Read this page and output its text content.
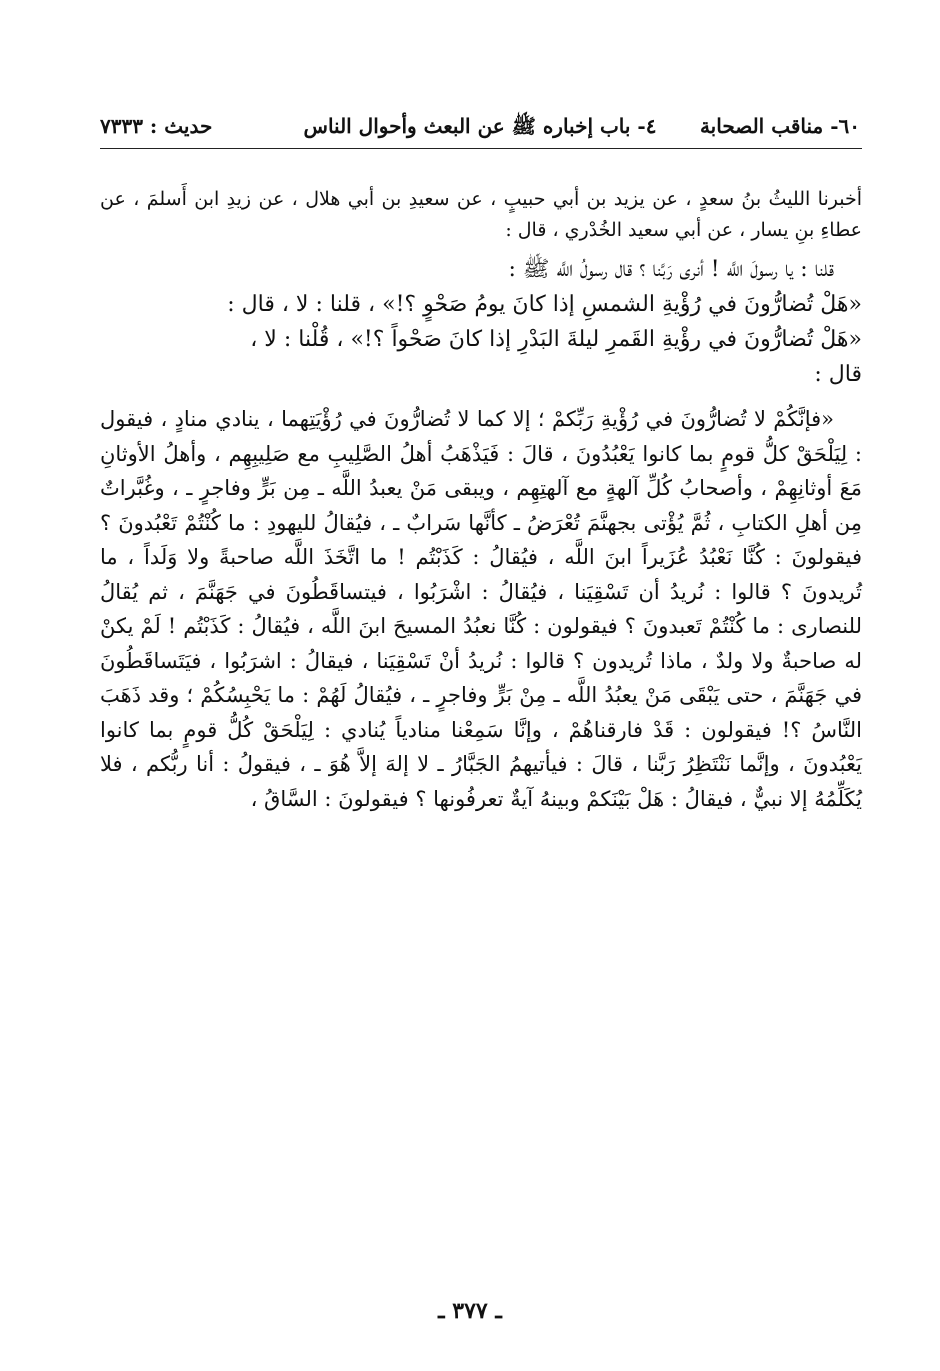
٦٠- مناقب الصحابة
٤- باب إخباره ﷺ عن البعث وأحوال الناس
حديث : ٧٣٣٣

أخبرنا الليثُ بنُ سعدٍ ، عن يزيد بن أبي حبيبٍ ، عن سعيدِ بن أبي هلال ، عن زيدِ ابن أَسلمَ ، عن عطاءِ بنِ يسار ، عن أبي سعيد الخُدْري ، قال :

قلنا : يا رسولَ اللَّه ! أنرى رَبَّنا ؟ قال رسولُ اللَّه ﷺ :
«هَلْ تُضارُّونَ في رُؤْيةِ الشمسِ إذا كانَ يومُ صَحْوٍ ؟!» ، قلنا : لا ، قال :
«هَلْ تُضارُّونَ في رؤْيةِ القَمرِ ليلةَ البَدْرِ إذا كانَ صَحْواً ؟!» ، قُلْنا : لا ،
قال :

«فإنَّكُمْ لا تُضارُّونَ في رُؤْيةِ رَبِّكمْ ؛ إلا كما لا تُضارُّونَ في رُؤْيَتِهما ، ينادي منادٍ ، فيقول : لِيَلْحَقْ كلُّ قومٍ بما كانوا يَعْبُدُونَ ، قالَ : فَيَذْهَبُ أهلُ الصَّلِيبِ مع صَلِيبِهِم ، وأهلُ الأوثانِ مَعَ أوثانِهِمْ ، وأصحابُ كُلِّ آلهةٍ مع آلهتِهِم ، ويبقى مَنْ يعبدُ اللَّه ـ مِن بَرٍّ وفاجرٍ ـ ، وغُبَّراتٌ مِن أهلِ الكتابِ ، ثُمَّ يُؤْتى بجهنَّمَ تُعْرَضُ ـ كأنَّها سَرابٌ ـ ، فيُقالُ لليهودِ : ما كُنْتُمْ تَعْبُدونَ ؟ فيقولونَ : كُنَّا نَعْبُدُ عُزَيراً ابنَ اللَّه ، فيُقالُ : كَذَبْتُم ! ما اتَّخَذَ اللَّه صاحبةً ولا وَلَداً ، ما تُريدونَ ؟ قالوا : نُريدُ أن تَسْقِيَنا ، فيُقالُ : اشْرَبُوا ، فيتساقَطُونَ في جَهَنَّمَ ، ثم يُقالُ للنصارى : ما كُنْتُمْ تَعبدونَ ؟ فيقولون : كُنَّا نعبُدُ المسيحَ ابنَ اللَّه ، فيُقالُ : كَذَبْتُم ! لَمْ يكنْ له صاحبةٌ ولا ولدٌ ، ماذا تُريدون ؟ قالوا : نُريدُ أنْ تَسْقِيَنا ، فيقالُ : اشرَبُوا ، فيَتَساقَطُونَ في جَهَنَّمَ ، حتى يَبْقَى مَنْ يعبُدُ اللَّه ـ مِنْ بَرٍّ وفاجرٍ ـ ، فيُقالُ لَهُمْ : ما يَحْبِسُكُمْ ؛ وقد ذَهَبَ النَّاسُ ؟! فيقولون : قَدْ فارقناهُمْ ، وإنَّا سَمِعْنا منادياً يُنادي : لِيَلْحَقْ كُلُّ قومٍ بما كانوا يَعْبُدونَ ، وإنَّما نَنْتَظِرُ رَبَّنا ، قالَ : فيأتيهمُ الجَبَّارُ ـ لا إلهَ إلاَّ هُوَ ـ ، فيقولُ : أنا ربُّكم ، فلا يُكَلِّمُهُ إلا نبيٌّ ، فيقالُ : هَلْ بَيْنَكمْ وبينهُ آيةٌ تعرفُونها ؟ فيقولونَ : السَّاقُ ،

ـ ٣٧٧ ـ
